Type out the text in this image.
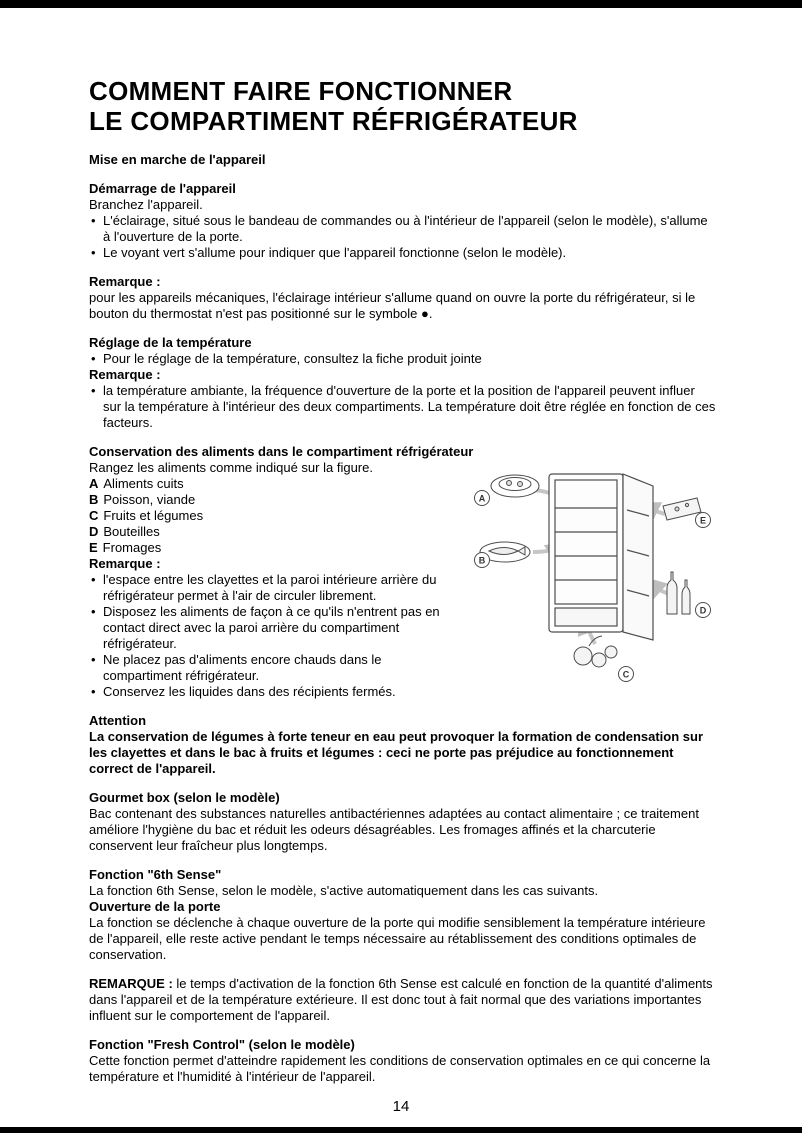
COMMENT FAIRE FONCTIONNER
LE COMPARTIMENT RÉFRIGÉRATEUR
Mise en marche de l'appareil
Démarrage de l'appareil
Branchez l'appareil.
• L'éclairage, situé sous le bandeau de commandes ou à l'intérieur de l'appareil (selon le modèle), s'allume à l'ouverture de la porte.
• Le voyant vert s'allume pour indiquer que l'appareil fonctionne (selon le modèle).
Remarque :
pour les appareils mécaniques, l'éclairage intérieur s'allume quand on ouvre la porte du réfrigérateur, si le bouton du thermostat n'est pas positionné sur le symbole ●.
Réglage de la température
• Pour le réglage de la température, consultez la fiche produit jointe
Remarque :
• la température ambiante, la fréquence d'ouverture de la porte et la position de l'appareil peuvent influer sur la température à l'intérieur des deux compartiments. La température doit être réglée en fonction de ces facteurs.
Conservation des aliments dans le compartiment réfrigérateur
A
B
C
D
E
Rangez les aliments comme indiqué sur la figure.
A Aliments cuits
B Poisson, viande
C Fruits et légumes
D Bouteilles
E Fromages
Remarque :
• l'espace entre les clayettes et la paroi intérieure arrière du réfrigérateur permet à l'air de circuler librement.
• Disposez les aliments de façon à ce qu'ils n'entrent pas en contact direct avec la paroi arrière du compartiment réfrigérateur.
• Ne placez pas d'aliments encore chauds dans le compartiment réfrigérateur.
• Conservez les liquides dans des récipients fermés.
Attention
La conservation de légumes à forte teneur en eau peut provoquer la formation de condensation sur les clayettes et dans le bac à fruits et légumes : ceci ne porte pas préjudice au fonctionnement correct de l'appareil.
Gourmet box (selon le modèle)
Bac contenant des substances naturelles antibactériennes adaptées au contact alimentaire ; ce traitement améliore l'hygiène du bac et réduit les odeurs désagréables. Les fromages affinés et la charcuterie conservent leur fraîcheur plus longtemps.
Fonction "6th Sense"
La fonction 6th Sense, selon le modèle, s'active automatiquement dans les cas suivants.
Ouverture de la porte
La fonction se déclenche à chaque ouverture de la porte qui modifie sensiblement la température intérieure de l'appareil, elle reste active pendant le temps nécessaire au rétablissement des conditions optimales de conservation.
REMARQUE : le temps d'activation de la fonction 6th Sense est calculé en fonction de la quantité d'aliments dans l'appareil et de la température extérieure. Il est donc tout à fait normal que des variations importantes influent sur le comportement de l'appareil.
Fonction "Fresh Control" (selon le modèle)
Cette fonction permet d'atteindre rapidement les conditions de conservation optimales en ce qui concerne la température et l'humidité à l'intérieur de l'appareil.
14
